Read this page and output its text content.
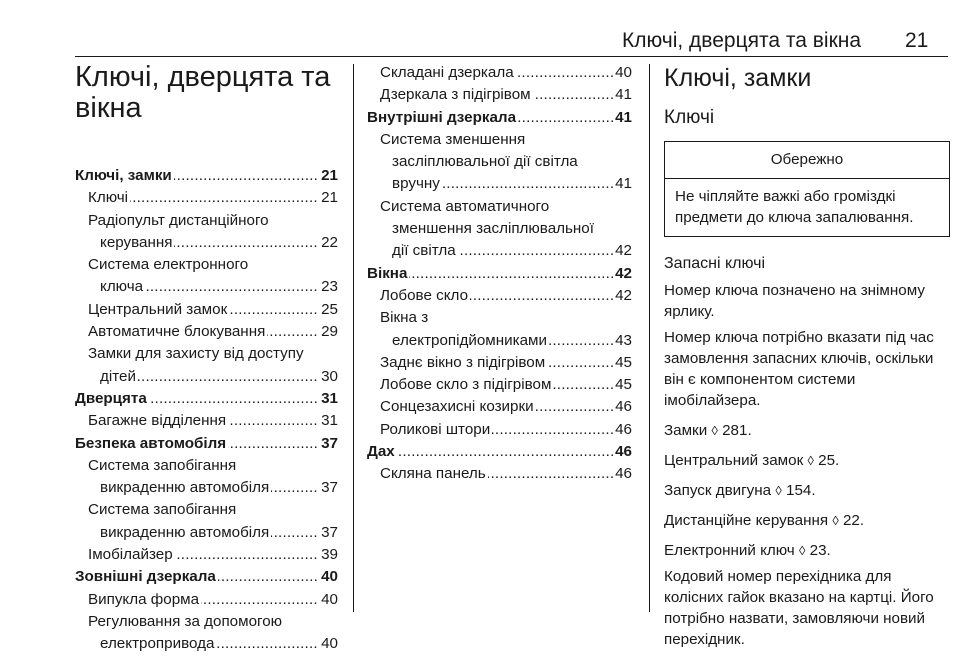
Ключі, дверцята та вікна 21
Ключі, дверцята та
вікна
Ключі, замки .....	21
Ключі .....	21
Радіопульт дистанційного
керування .....	22
Система електронного
ключа .....	23
Центральний замок .....	25
Автоматичне блокування .....	29
Замки для захисту від доступу
дітей .....	30
Дверцята .....	31
Багажне відділення .....	31
Безпека автомобіля .....	37
Система запобігання
викраденню автомобіля .....	37
Система запобігання
викраденню автомобіля .....	37
Імобілайзер .....	39
Зовнішні дзеркала .....	40
Випукла форма .....	40
Регулювання за допомогою
електропривода .....	40
Складані дзеркала .....	40
Дзеркала з підігрівом .....	41
Внутрішні дзеркала .....	41
Система зменшення
засліплювальної дії світла
вручну .....	41
Система автоматичного
зменшення засліплювальної
дії світла .....	42
Вікна .....	42
Лобове скло .....	42
Вікна з
електропідйомниками .....	43
Заднє вікно з підігрівом .....	45
Лобове скло з підігрівом .....	45
Сонцезахисні козирки .....	46
Роликові штори .....	46
Дах .....	46
Скляна панель .....	46
Ключі, замки
Ключі
Обережно
Не чіпляйте важкі або громіздкі предмети до ключа запалювання.
Запасні ключі
Номер ключа позначено на знімному ярлику.
Номер ключа потрібно вказати під час замовлення запасних ключів, оскільки він є компонентом системи імобілайзера.
Замки ◊ 281.
Центральний замок ◊ 25.
Запуск двигуна ◊ 154.
Дистанційне керування ◊ 22.
Електронний ключ ◊ 23.
Кодовий номер перехідника для колісних гайок вказано на картці. Його потрібно назвати, замовляючи новий перехідник.
